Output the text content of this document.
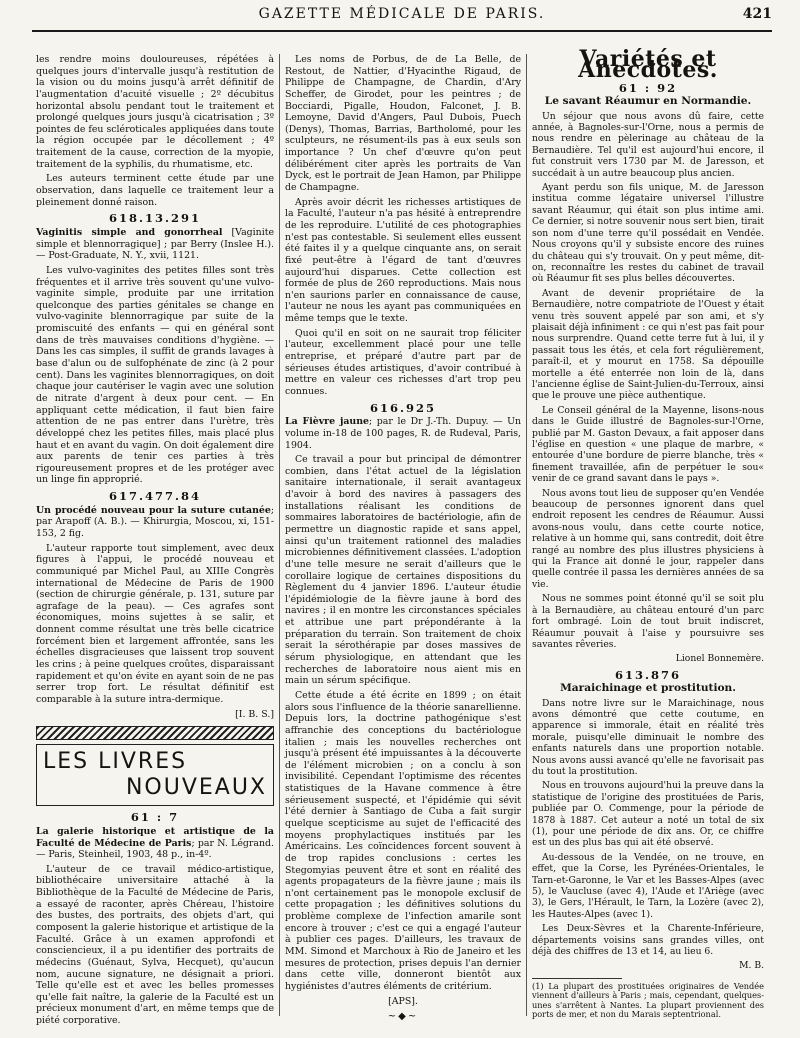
GAZETTE MÉDICALE DE PARIS.	421

les rendre moins douloureuses, répétées à quelques jours d'intervalle jusqu'à restitution de la vision ou du moins jusqu'à arrêt définitif de l'augmentation d'acuité visuelle ; 2º décubitus horizontal absolu pendant tout le traitement et prolongé quelques jours jusqu'à cicatrisation ; 3º pointes de feu scléroticales appliquées dans toute la région occupée par le décollement ; 4º traitement de la cause, correction de la myopie, traitement de la syphilis, du rhumatisme, etc.

Les auteurs terminent cette étude par une observation, dans laquelle ce traitement leur a pleinement donné raison.

618.13.291

Vaginitis simple and gonorrheal [Vaginite simple et blennorragique] ; par Berry (Inslee H.). — Post-Graduate, N. Y., xvii, 1121.

Les vulvo-vaginites des petites filles sont très fréquentes et il arrive très souvent qu'une vulvo-vaginite simple, produite par une irritation quelconque des parties génitales se change en vulvo-vaginite blennorragique par suite de la promiscuité des enfants — qui en général sont dans de très mauvaises conditions d'hygiène. — Dans les cas simples, il suffit de grands lavages à base d'alun ou de sulfophénate de zinc (à 2 pour cent). Dans les vaginites blennorragiques, on doit chaque jour cautériser le vagin avec une solution de nitrate d'argent à deux pour cent. — En appliquant cette médication, il faut bien faire attention de ne pas entrer dans l'urètre, très développé chez les petites filles, mais placé plus haut et en avant du vagin. On doit également dire aux parents de tenir ces parties à très rigoureusement propres et de les protéger avec un linge fin approprié.

617.477.84

Un procédé nouveau pour la suture cutanée; par Arapoff (A. B.). — Khirurgia, Moscou, xi, 151-153, 2 fig.

L'auteur rapporte tout simplement, avec deux figures à l'appui, le procédé nouveau et communiqué par Michel Paul, au XIIIe Congrès international de Médecine de Paris de 1900 (section de chirurgie générale, p. 131, suture par agrafage de la peau). — Ces agrafes sont économiques, moins sujettes à se salir, et donnent comme résultat une très belle cicatrice forcément bien et largement affrontée, sans les échelles disgracieuses que laissent trop souvent les crins ; à peine quelques croûtes, disparaissant rapidement et qu'on évite en ayant soin de ne pas serrer trop fort. Le résultat définitif est comparable à la suture intra-dermique.

[I. B. S.]
LES LIVRES
NOUVEAUX
61 : 7

La galerie historique et artistique de la Faculté de Médecine de Paris; par N. Légrand. — Paris, Steinheil, 1903, 48 p., in-4º.

L'auteur de ce travail médico-artistique, bibliothécaire universitaire attaché à la Bibliothèque de la Faculté de Médecine de Paris, a essayé de raconter, après Chéreau, l'histoire des bustes, des portraits, des objets d'art, qui composent la galerie historique et artistique de la Faculté. Grâce à un examen approfondi et consciencieux, il a pu identifier des portraits de médecins (Guénaut, Sylva, Hecquet), qu'aucun nom, aucune signature, ne désignait a priori. Telle qu'elle est et avec les belles promesses qu'elle fait naître, la galerie de la Faculté est un précieux monument d'art, en même temps que de piété corporative.

Les noms de Porbus, de de La Belle, de Restout, de Nattier, d'Hyacinthe Rigaud, de Philippe de Champagne, de Chardin, d'Ary Scheffer, de Girodet, pour les peintres ; de Bocciardi, Pigalle, Houdon, Falconet, J. B. Lemoyne, David d'Angers, Paul Dubois, Puech (Denys), Thomas, Barrias, Bartholomé, pour les sculpteurs, ne résument-ils pas à eux seuls son importance ? Un chef d'œuvre qu'on peut délibérément citer après les portraits de Van Dyck, est le portrait de Jean Hamon, par Philippe de Champagne.

Après avoir décrit les richesses artistiques de la Faculté, l'auteur n'a pas hésité à entreprendre de les reproduire. L'utilité de ces photographies n'est pas contestable. Si seulement elles eussent été faites il y a quelque cinquante ans, on serait fixé peut-être à l'égard de tant d'œuvres aujourd'hui disparues. Cette collection est formée de plus de 260 reproductions. Mais nous n'en saurions parler en connaissance de cause, l'auteur ne nous les ayant pas communiquées en même temps que le texte.

Quoi qu'il en soit on ne saurait trop féliciter l'auteur, excellemment placé pour une telle entreprise, et préparé d'autre part par de sérieuses études artistiques, d'avoir contribué à mettre en valeur ces richesses d'art trop peu connues.

616.925

La Fièvre jaune; par le Dr J.-Th. Dupuy. — Un volume in-18 de 100 pages, R. de Rudeval, Paris, 1904.

Ce travail a pour but principal de démontrer combien, dans l'état actuel de la législation sanitaire internationale, il serait avantageux d'avoir à bord des navires à passagers des installations réalisant les conditions de sommaires laboratoires de bactériologie, afin de permettre un diagnostic rapide et sans appel, ainsi qu'un traitement rationnel des maladies microbiennes définitivement classées. L'adoption d'une telle mesure ne serait d'ailleurs que le corollaire logique de certaines dispositions du Règlement du 4 janvier 1896. L'auteur étudie l'épidémiologie de la fièvre jaune à bord des navires ; il en montre les circonstances spéciales et attribue une part prépondérante à la préparation du terrain. Son traitement de choix serait la sérothérapie par doses massives de sérum physiologique, en attendant que les recherches de laboratoire nous aient mis en main un sérum spécifique.

Cette étude a été écrite en 1899 ; on était alors sous l'influence de la théorie sanarellienne. Depuis lors, la doctrine pathogénique s'est affranchie des conceptions du bactériologue italien ; mais les nouvelles recherches ont jusqu'à présent été impuissantes à la découverte de l'élément microbien ; on a conclu à son invisibilité. Cependant l'optimisme des récentes statistiques de la Havane commence à être sérieusement suspecté, et l'épidémie qui sévit l'été dernier à Santiago de Cuba a fait surgir quelque scepticisme au sujet de l'efficacité des moyens prophylactiques institués par les Américains. Les coïncidences forcent souvent à de trop rapides conclusions : certes les Stegomyias peuvent être et sont en réalité des agents propagateurs de la fièvre jaune ; mais ils n'ont certainement pas le monopole exclusif de cette propagation ; les définitives solutions du problème complexe de l'infection amarile sont encore à trouver ; c'est ce qui a engagé l'auteur à publier ces pages. D'ailleurs, les travaux de MM. Simond et Marchoux à Rio de Janeiro et les mesures de protection, prises depuis l'an dernier dans cette ville, donneront bientôt aux hygiénistes d'autres éléments de critérium.

[APS].
~◆~
Variétés et Anecdotes.
61 : 92
Le savant Réaumur en Normandie.

Un séjour que nous avons dû faire, cette année, à Bagnoles-sur-l'Orne, nous a permis de nous rendre en pèlerinage au château de la Bernaudière. Tel qu'il est aujourd'hui encore, il fut construit vers 1730 par M. de Jaresson, et succédait à un autre beaucoup plus ancien.

Ayant perdu son fils unique, M. de Jaresson institua comme légataire universel l'illustre savant Réaumur, qui était son plus intime ami. Ce dernier, si notre souvenir nous sert bien, tirait son nom d'une terre qu'il possédait en Vendée. Nous croyons qu'il y subsiste encore des ruines du château qui s'y trouvait. On y peut même, dit-on, reconnaître les restes du cabinet de travail où Réaumur fit ses plus belles découvertes.

Avant de devenir propriétaire de la Bernaudière, notre compatriote de l'Ouest y était venu très souvent appelé par son ami, et s'y plaisait déjà infiniment : ce qui n'est pas fait pour nous surprendre. Quand cette terre fut à lui, il y passait tous les étés, et cela fort régulièrement, paraît-il, et y mourut en 1758. Sa dépouille mortelle a été enterrée non loin de là, dans l'ancienne église de Saint-Julien-du-Terroux, ainsi que le prouve une pièce authentique.

Le Conseil général de la Mayenne, lisons-nous dans le Guide illustré de Bagnoles-sur-l'Orne, publié par M. Gaston Devaux, a fait apposer dans l'église en question « une plaque de marbre, « entourée d'une bordure de pierre blanche, très « finement travaillée, afin de perpétuer le sou« venir de ce grand savant dans le pays ».

Nous avons tout lieu de supposer qu'en Vendée beaucoup de personnes ignorent dans quel endroit reposent les cendres de Réaumur. Aussi avons-nous voulu, dans cette courte notice, relative à un homme qui, sans contredit, doit être rangé au nombre des plus illustres physiciens à qui la France ait donné le jour, rappeler dans quelle contrée il passa les dernières années de sa vie.

Nous ne sommes point étonné qu'il se soit plu à la Bernaudière, au château entouré d'un parc fort ombragé. Loin de tout bruit indiscret, Réaumur pouvait à l'aise y poursuivre ses savantes rêveries.

Lionel Bonnemère.
613.876
Maraichinage et prostitution.

Dans notre livre sur le Maraichinage, nous avons démontré que cette coutume, en apparence si immorale, était en réalité très morale, puisqu'elle diminuait le nombre des enfants naturels dans une proportion notable. Nous avons aussi avancé qu'elle ne favorisait pas du tout la prostitution.

Nous en trouvons aujourd'hui la preuve dans la statistique de l'origine des prostituées de Paris, publiée par O. Commenge, pour la période de 1878 à 1887. Cet auteur a noté un total de six (1), pour une période de dix ans. Or, ce chiffre est un des plus bas qui ait été observé.

Au-dessous de la Vendée, on ne trouve, en effet, que la Corse, les Pyrénées-Orientales, le Tarn-et-Garonne, le Var et les Basses-Alpes (avec 5), le Vaucluse (avec 4), l'Aude et l'Ariège (avec 3), le Gers, l'Hérault, le Tarn, la Lozère (avec 2), les Hautes-Alpes (avec 1).

Les Deux-Sèvres et la Charente-Inférieure, départements voisins sans grandes villes, ont déjà des chiffres de 13 et 14, au lieu 6.

M. B.
(1) La plupart des prostituées originaires de Vendée viennent d'ailleurs à Paris ; mais, cependant, quelques-unes s'arrêtent à Nantes. La plupart proviennent des ports de mer, et non du Marais septentrional.
